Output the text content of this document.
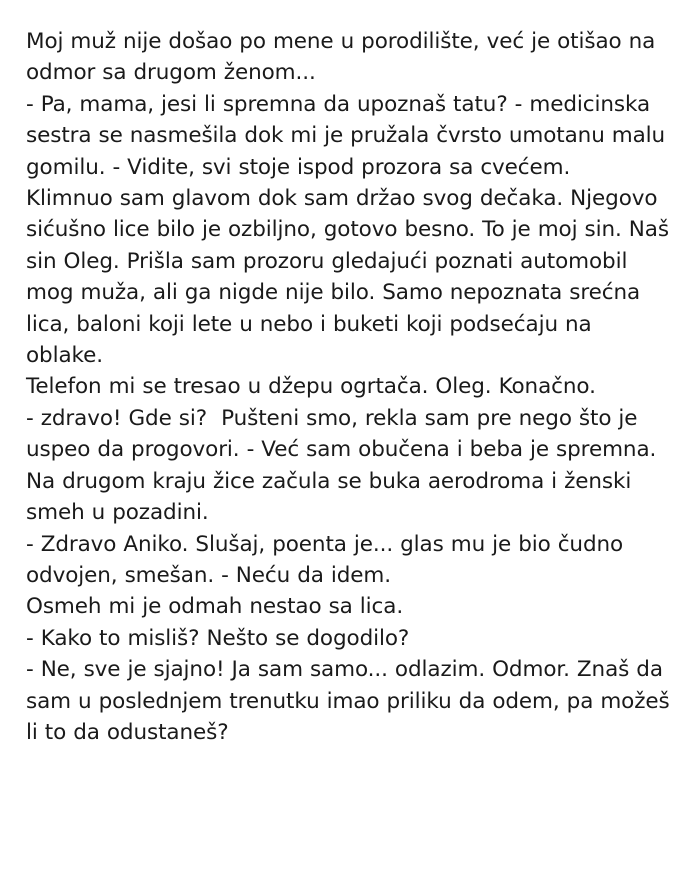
Moj muž nije došao po mene u porodilište, već je otišao na odmor sa drugom ženom...

- Pa, mama, jesi li spremna da upoznaš tatu? - medicinska sestra se nasmešila dok mi je pružala čvrsto umotanu malu gomilu. - Vidite, svi stoje ispod prozora sa cvećem.

Klimnuo sam glavom dok sam držao svog dečaka. Njegovo sićušno lice bilo je ozbiljno, gotovo besno. To je moj sin. Naš sin Oleg. Prišla sam prozoru gledajući poznati automobil mog muža, ali ga nigde nije bilo. Samo nepoznata srećna lica, baloni koji lete u nebo i buketi koji podsećaju na oblake.

Telefon mi se tresao u džepu ogrtača. Oleg. Konačno.

- zdravo! Gde si?  Pušteni smo, rekla sam pre nego što je uspeo da progovori. - Već sam obučena i beba je spremna.

Na drugom kraju žice začula se buka aerodroma i ženski smeh u pozadini.

- Zdravo Aniko. Slušaj, poenta je... glas mu je bio čudno odvojen, smešan. - Neću da idem.

Osmeh mi je odmah nestao sa lica.

- Kako to misliš? Nešto se dogodilo?

- Ne, sve je sjajno! Ja sam samo... odlazim. Odmor. Znaš da sam u poslednjem trenutku imao priliku da odem, pa možeš li to da odustaneš?
